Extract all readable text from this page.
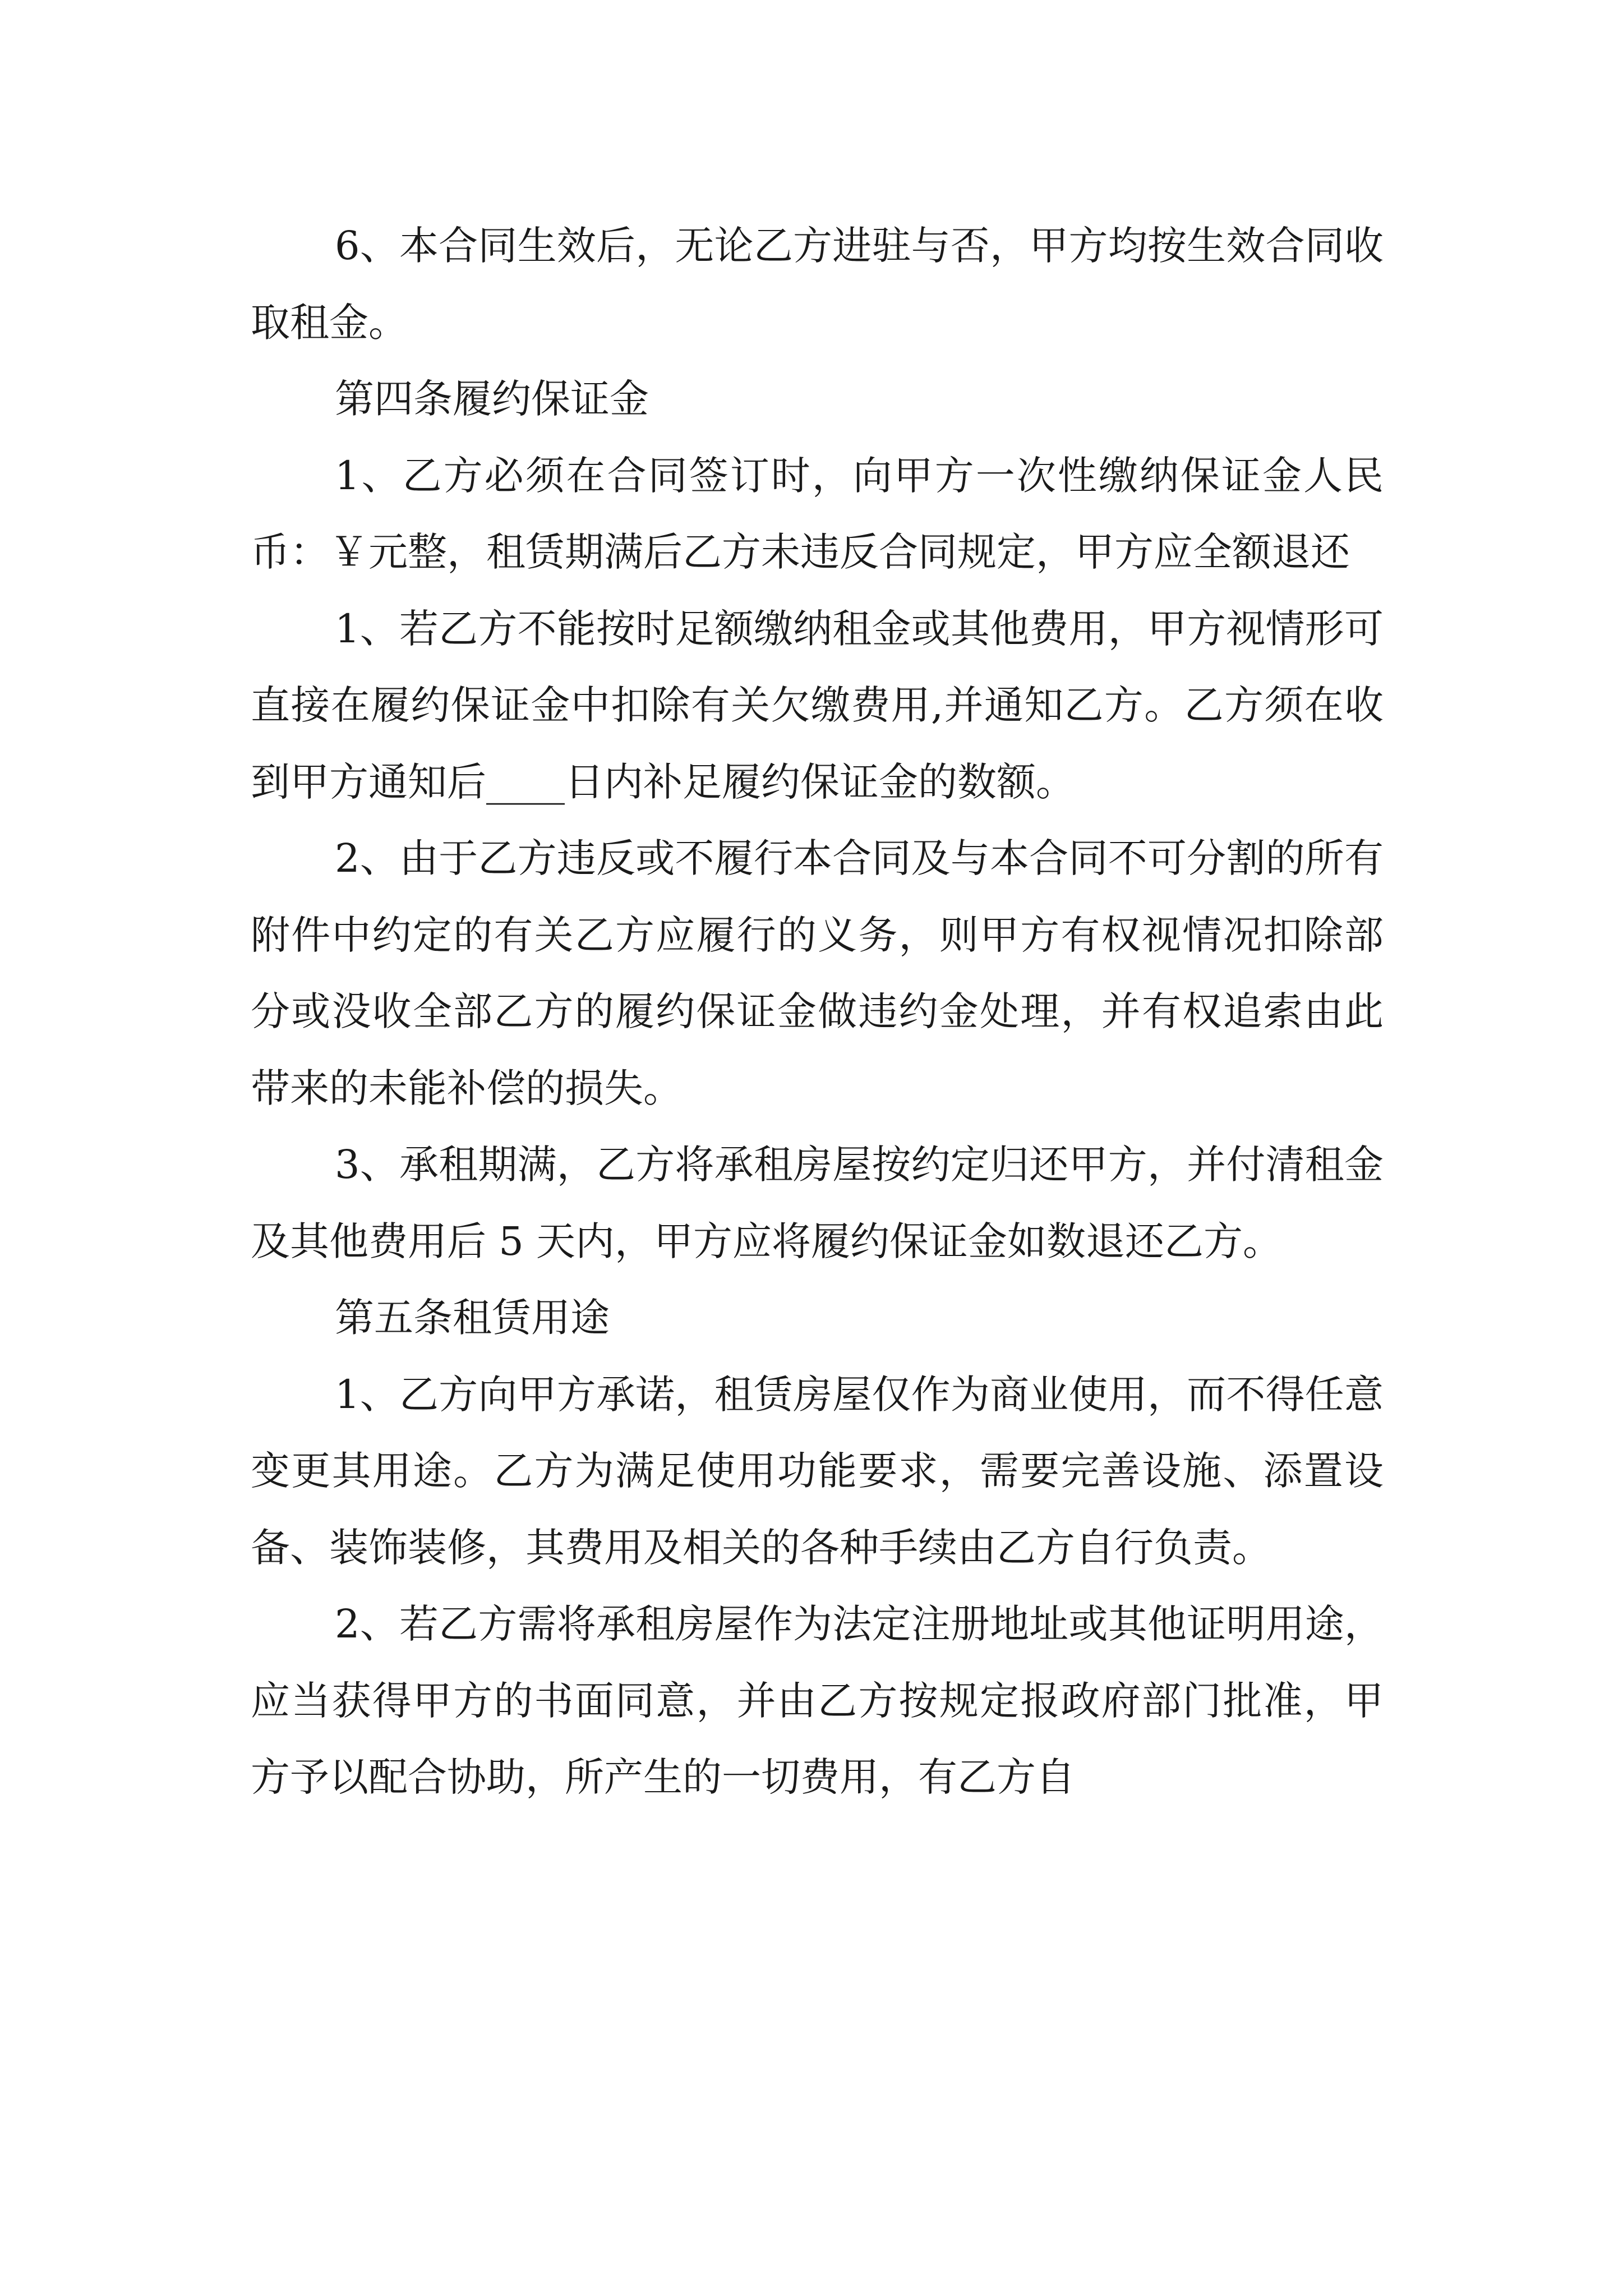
6、本合同生效后，无论乙方进驻与否，甲方均按生效合同收取租金。

第四条履约保证金

1、乙方必须在合同签订时，向甲方一次性缴纳保证金人民币：￥元整，租赁期满后乙方未违反合同规定，甲方应全额退还

1、若乙方不能按时足额缴纳租金或其他费用，甲方视情形可直接在履约保证金中扣除有关欠缴费用,并通知乙方。乙方须在收到甲方通知后____日内补足履约保证金的数额。

2、由于乙方违反或不履行本合同及与本合同不可分割的所有附件中约定的有关乙方应履行的义务，则甲方有权视情况扣除部分或没收全部乙方的履约保证金做违约金处理，并有权追索由此带来的未能补偿的损失。

3、承租期满，乙方将承租房屋按约定归还甲方，并付清租金及其他费用后 5 天内，甲方应将履约保证金如数退还乙方。

第五条租赁用途

1、乙方向甲方承诺，租赁房屋仅作为商业使用，而不得任意变更其用途。乙方为满足使用功能要求，需要完善设施、添置设备、装饰装修，其费用及相关的各种手续由乙方自行负责。

2、若乙方需将承租房屋作为法定注册地址或其他证明用途，应当获得甲方的书面同意，并由乙方按规定报政府部门批准，甲方予以配合协助，所产生的一切费用，有乙方自
